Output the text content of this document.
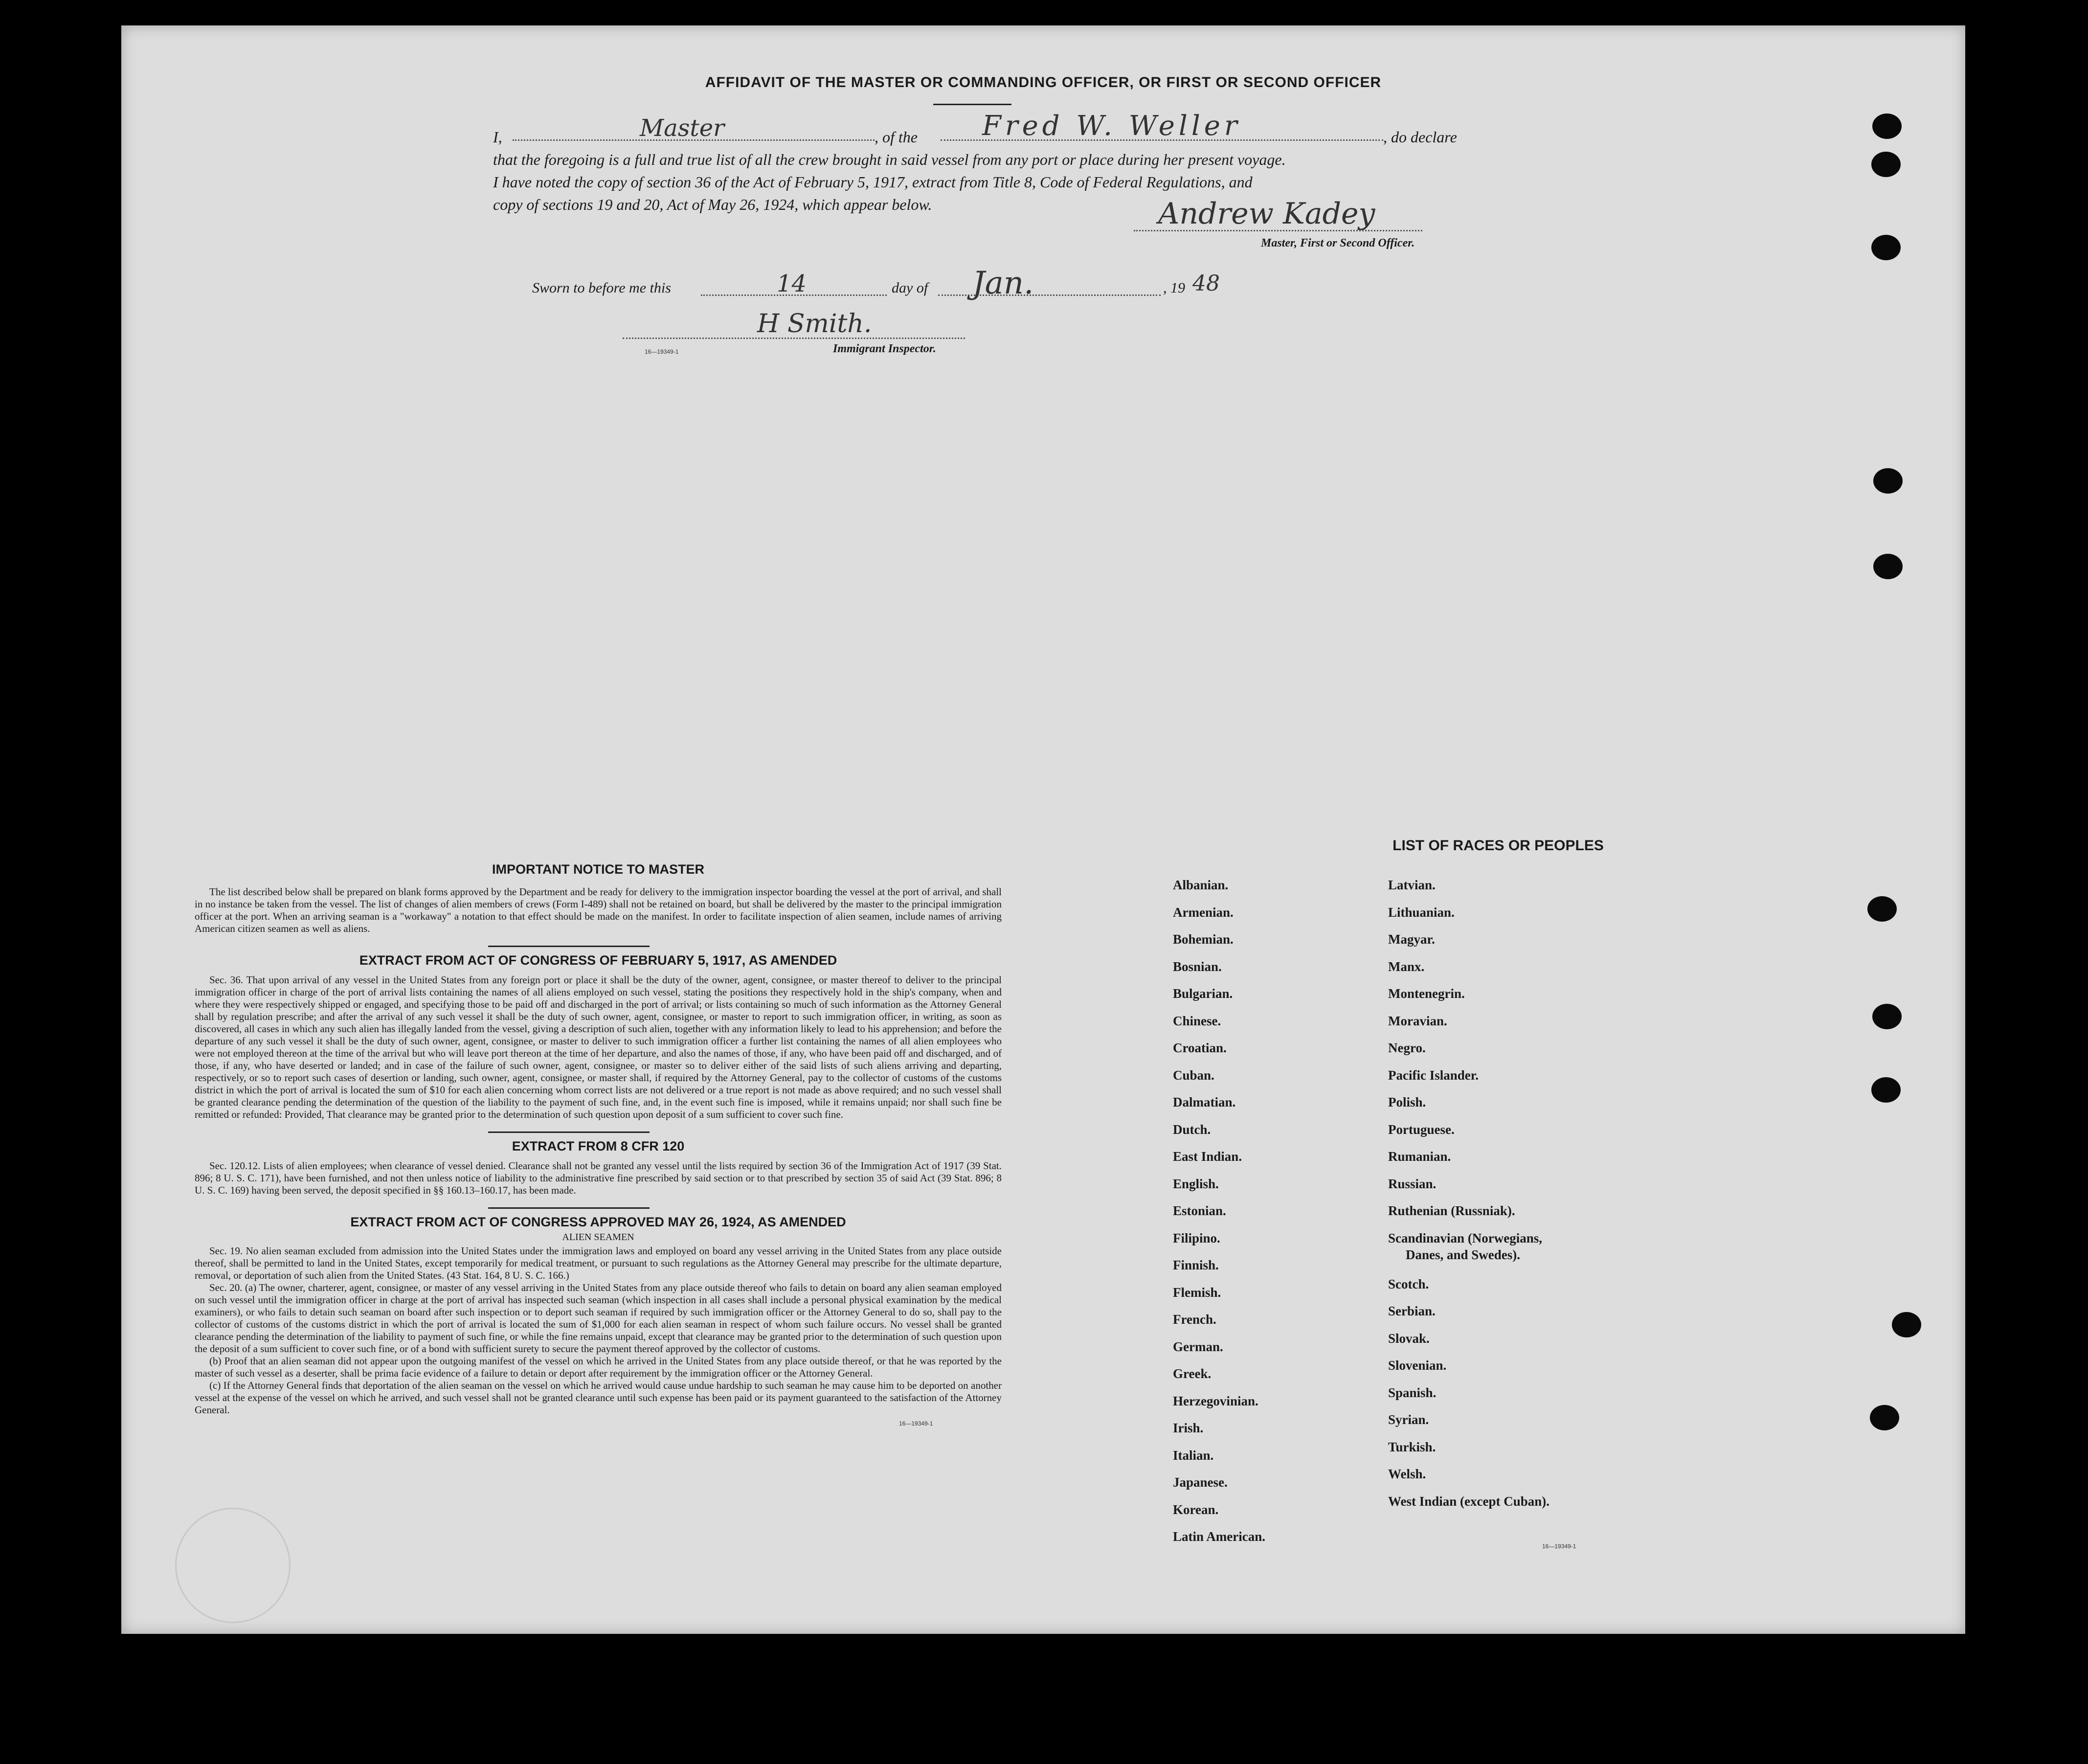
AFFIDAVIT OF THE MASTER OR COMMANDING OFFICER, OR FIRST OR SECOND OFFICER
I,	Master	, of the Fred W. Weller	, do declare
that the foregoing is a full and true list of all the crew brought in said vessel from any port or place during her present voyage.
I have noted the copy of section 36 of the Act of February 5, 1917, extract from Title 8, Code of Federal Regulations, and
copy of sections 19 and 20, Act of May 26, 1924, which appear below.	Andrew Kadey
Master, First or Second Officer.
Sworn to before me this	14	day of Jan.	, 19 48
H Smith.
16—19349-1	Immigrant Inspector.
IMPORTANT NOTICE TO MASTER
The list described below shall be prepared on blank forms approved by the Department and be ready for delivery to the immigration inspector boarding the vessel at the port of arrival, and shall in no instance be taken from the vessel. The list of changes of alien members of crews (Form I-489) shall not be retained on board, but shall be delivered by the master to the principal immigration officer at the port. When an arriving seaman is a "workaway" a notation to that effect should be made on the manifest. In order to facilitate inspection of alien seamen, include names of arriving American citizen seamen as well as aliens.
EXTRACT FROM ACT OF CONGRESS OF FEBRUARY 5, 1917, AS AMENDED
Sec. 36. That upon arrival of any vessel in the United States from any foreign port or place it shall be the duty of the owner, agent, consignee, or master thereof to deliver to the principal immigration officer in charge of the port of arrival lists containing the names of all aliens employed on such vessel, stating the positions they respectively hold in the ship's company, when and where they were respectively shipped or engaged, and specifying those to be paid off and discharged in the port of arrival; or lists containing so much of such information as the Attorney General shall by regulation prescribe; and after the arrival of any such vessel it shall be the duty of such owner, agent, consignee, or master to report to such immigration officer, in writing, as soon as discovered, all cases in which any such alien has illegally landed from the vessel, giving a description of such alien, together with any information likely to lead to his apprehension; and before the departure of any such vessel it shall be the duty of such owner, agent, consignee, or master to deliver to such immigration officer a further list containing the names of all alien employees who were not employed thereon at the time of the arrival but who will leave port thereon at the time of her departure, and also the names of those, if any, who have been paid off and discharged, and of those, if any, who have deserted or landed; and in case of the failure of such owner, agent, consignee, or master so to deliver either of the said lists of such aliens arriving and departing, respectively, or so to report such cases of desertion or landing, such owner, agent, consignee, or master shall, if required by the Attorney General, pay to the collector of customs of the customs district in which the port of arrival is located the sum of $10 for each alien concerning whom correct lists are not delivered or a true report is not made as above required; and no such vessel shall be granted clearance pending the determination of the question of the liability to the payment of such fine, and, in the event such fine is imposed, while it remains unpaid; nor shall such fine be remitted or refunded: Provided, That clearance may be granted prior to the determination of such question upon deposit of a sum sufficient to cover such fine.
EXTRACT FROM 8 CFR 120
Sec. 120.12. Lists of alien employees; when clearance of vessel denied. Clearance shall not be granted any vessel until the lists required by section 36 of the Immigration Act of 1917 (39 Stat. 896; 8 U. S. C. 171), have been furnished, and not then unless notice of liability to the administrative fine prescribed by said section or to that prescribed by section 35 of said Act (39 Stat. 896; 8 U. S. C. 169) having been served, the deposit specified in §§ 160.13–160.17, has been made.
EXTRACT FROM ACT OF CONGRESS APPROVED MAY 26, 1924, AS AMENDED
ALIEN SEAMEN
Sec. 19. No alien seaman excluded from admission into the United States under the immigration laws and employed on board any vessel arriving in the United States from any place outside thereof, shall be permitted to land in the United States, except temporarily for medical treatment, or pursuant to such regulations as the Attorney General may prescribe for the ultimate departure, removal, or deportation of such alien from the United States. (43 Stat. 164, 8 U. S. C. 166.)
Sec. 20. (a) The owner, charterer, agent, consignee, or master of any vessel arriving in the United States from any place outside thereof who fails to detain on board any alien seaman employed on such vessel until the immigration officer in charge at the port of arrival has inspected such seaman (which inspection in all cases shall include a personal physical examination by the medical examiners), or who fails to detain such seaman on board after such inspection or to deport such seaman if required by such immigration officer or the Attorney General to do so, shall pay to the collector of customs of the customs district in which the port of arrival is located the sum of $1,000 for each alien seaman in respect of whom such failure occurs. No vessel shall be granted clearance pending the determination of the liability to payment of such fine, or while the fine remains unpaid, except that clearance may be granted prior to the determination of such question upon the deposit of a sum sufficient to cover such fine, or of a bond with sufficient surety to secure the payment thereof approved by the collector of customs.
(b) Proof that an alien seaman did not appear upon the outgoing manifest of the vessel on which he arrived in the United States from any place outside thereof, or that he was reported by the master of such vessel as a deserter, shall be prima facie evidence of a failure to detain or deport after requirement by the immigration officer or the Attorney General.
(c) If the Attorney General finds that deportation of the alien seaman on the vessel on which he arrived would cause undue hardship to such seaman he may cause him to be deported on another vessel at the expense of the vessel on which he arrived, and such vessel shall not be granted clearance until such expense has been paid or its payment guaranteed to the satisfaction of the Attorney General.
16—19349-1
LIST OF RACES OR PEOPLES
Albanian.
Armenian.
Bohemian.
Bosnian.
Bulgarian.
Chinese.
Croatian.
Cuban.
Dalmatian.
Dutch.
East Indian.
English.
Estonian.
Filipino.
Finnish.
Flemish.
French.
German.
Greek.
Herzegovinian.
Irish.
Italian.
Japanese.
Korean.
Latin American.
Latvian.
Lithuanian.
Magyar.
Manx.
Montenegrin.
Moravian.
Negro.
Pacific Islander.
Polish.
Portuguese.
Rumanian.
Russian.
Ruthenian (Russniak).
Scandinavian (Norwegians,
Danes, and Swedes).
Scotch.
Serbian.
Slovak.
Slovenian.
Spanish.
Syrian.
Turkish.
Welsh.
West Indian (except Cuban).
16—19349-1
